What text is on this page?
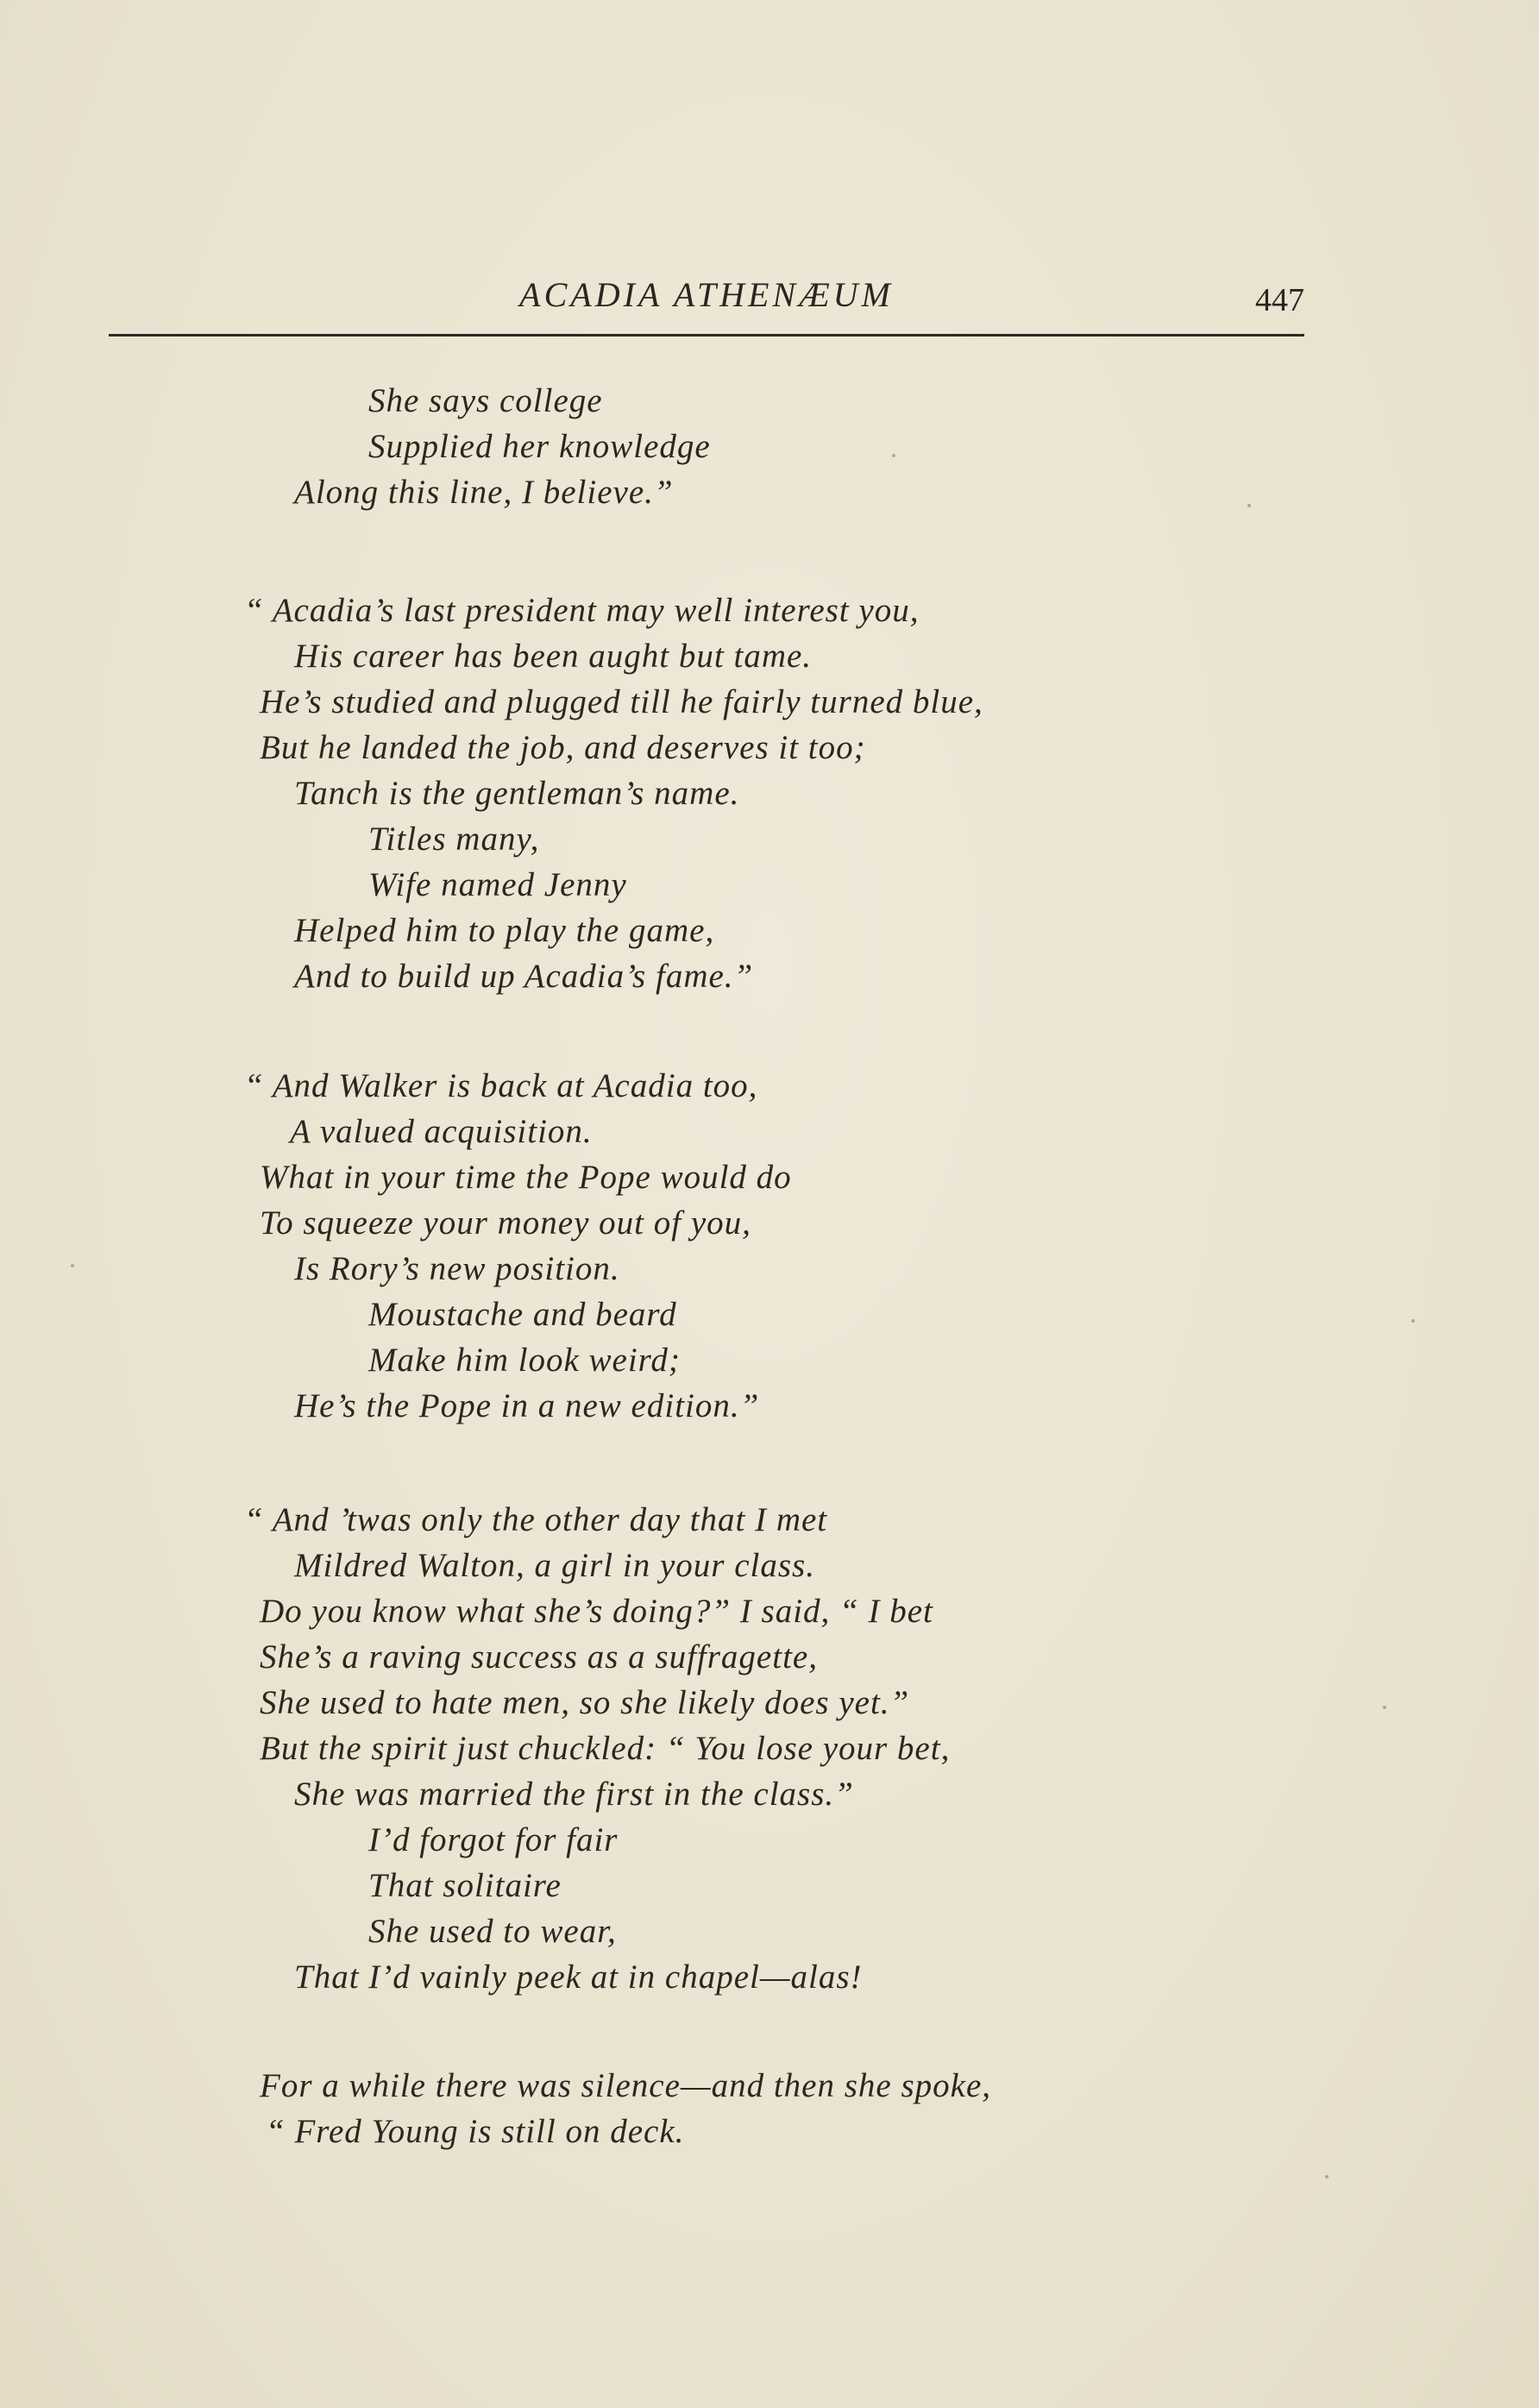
ACADIA ATHENÆUM	447
She says college
Supplied her knowledge
Along this line, I believe.”
“ Acadia’s last president may well interest you,
His career has been aught but tame.
He’s studied and plugged till he fairly turned blue,
But he landed the job, and deserves it too;
Tanch is the gentleman’s name.
Titles many,
Wife named Jenny
Helped him to play the game,
And to build up Acadia’s fame.”
“ And Walker is back at Acadia too,
A valued acquisition.
What in your time the Pope would do
To squeeze your money out of you,
Is Rory’s new position.
Moustache and beard
Make him look weird;
He’s the Pope in a new edition.”
“ And ’twas only the other day that I met
Mildred Walton, a girl in your class.
Do you know what she’s doing?” I said, “ I bet
She’s a raving success as a suffragette,
She used to hate men, so she likely does yet.”
But the spirit just chuckled: “ You lose your bet,
She was married the first in the class.”
I’d forgot for fair
That solitaire
She used to wear,
That I’d vainly peek at in chapel—alas!
For a while there was silence—and then she spoke,
“ Fred Young is still on deck.
